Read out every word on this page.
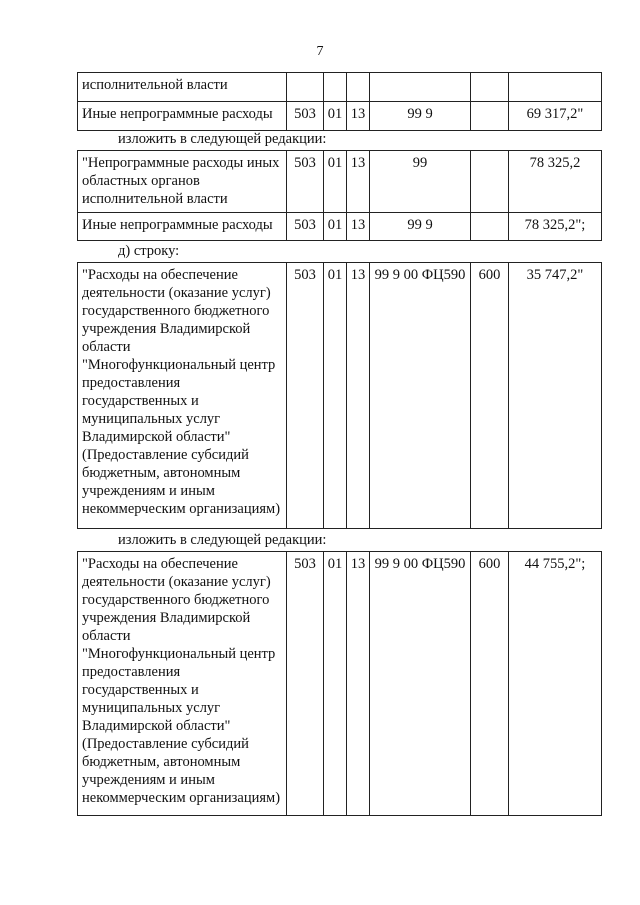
7
исполнительной власти						
Иные непрограммные расходы	503	01	13	99 9		69 317,2"
изложить в следующей редакции:
"Непрограммные расходы иных областных органов исполнительной власти	503	01	13	99		78 325,2
Иные непрограммные расходы	503	01	13	99 9		78 325,2";
д) строку:
"Расходы на обеспечение деятельности (оказание услуг) государственного бюджетного учреждения Владимирской области "Многофункциональный центр предоставления государственных и муниципальных услуг Владимирской области" (Предоставление субсидий бюджетным, автономным учреждениям и иным некоммерческим организациям)	503	01	13	99 9 00 ФЦ590	600	35 747,2"
изложить в следующей редакции:
"Расходы на обеспечение деятельности (оказание услуг) государственного бюджетного учреждения Владимирской области "Многофункциональный центр предоставления государственных и муниципальных услуг Владимирской области" (Предоставление субсидий бюджетным, автономным учреждениям и иным некоммерческим организациям)	503	01	13	99 9 00 ФЦ590	600	44 755,2";
